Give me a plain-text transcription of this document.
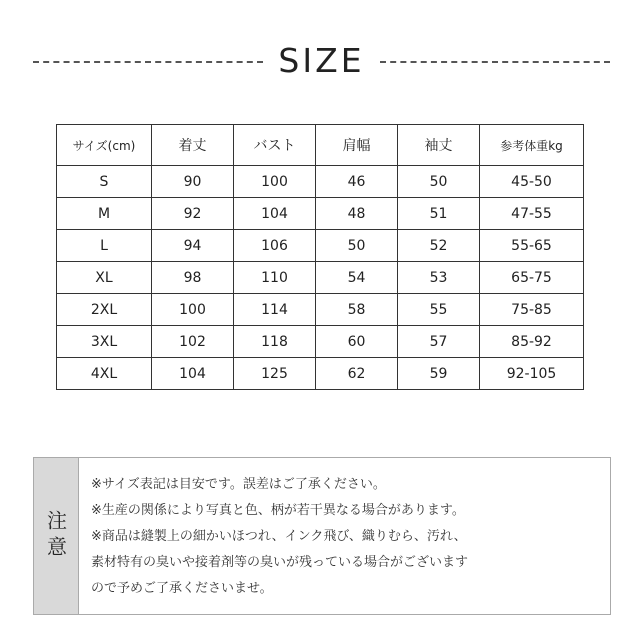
SIZE
サイズ(cm)	着丈	バスト	肩幅	袖丈	参考体重kg
S	90	100	46	50	45-50
M	92	104	48	51	47-55
L	94	106	50	52	55-65
XL	98	110	54	53	65-75
2XL	100	114	58	55	75-85
3XL	102	118	60	57	85-92
4XL	104	125	62	59	92-105
注意
※サイズ表記は目安です。誤差はご了承ください。
※生産の関係により写真と色、柄が若干異なる場合があります。
※商品は縫製上の細かいほつれ、インク飛び、織りむら、汚れ、
素材特有の臭いや接着剤等の臭いが残っている場合がございます
ので予めご了承くださいませ。
